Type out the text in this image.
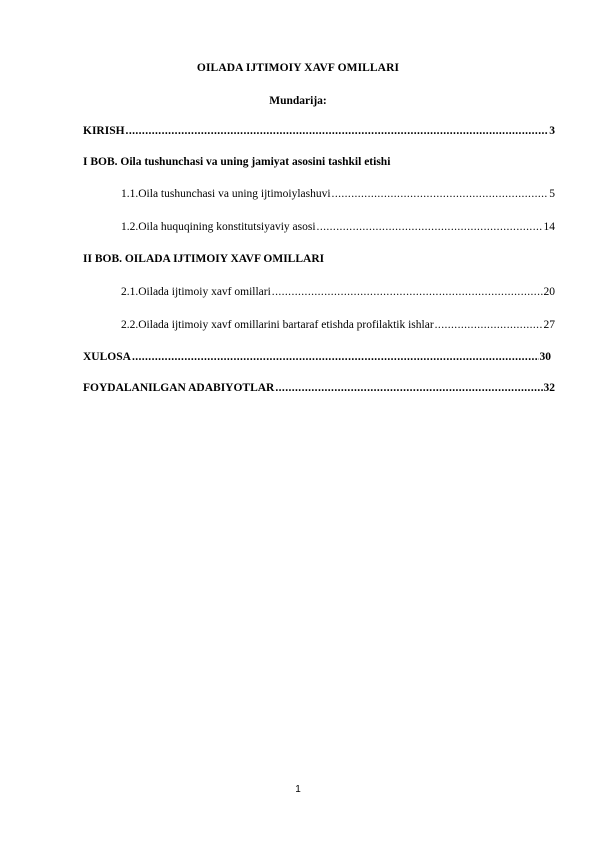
OILADA IJTIMOIY XAVF OMILLARI
Mundarija:
KIRISH .....	3
I BOB. Oila tushunchasi va uning jamiyat asosini tashkil etishi
1.1. Oila tushunchasi va uning ijtimoiylashuvi .....	5
1.2. Oila huquqining konstitutsiyaviy asosi .....	14
II BOB. OILADA IJTIMOIY XAVF OMILLARI
2.1. Oilada ijtimoiy xavf omillari .....	20
2.2. Oilada ijtimoiy xavf omillarini bartaraf etishda profilaktik ishlar .....	27
XULOSA .....	30
FOYDALANILGAN ADABIYOTLAR .....	32
1
